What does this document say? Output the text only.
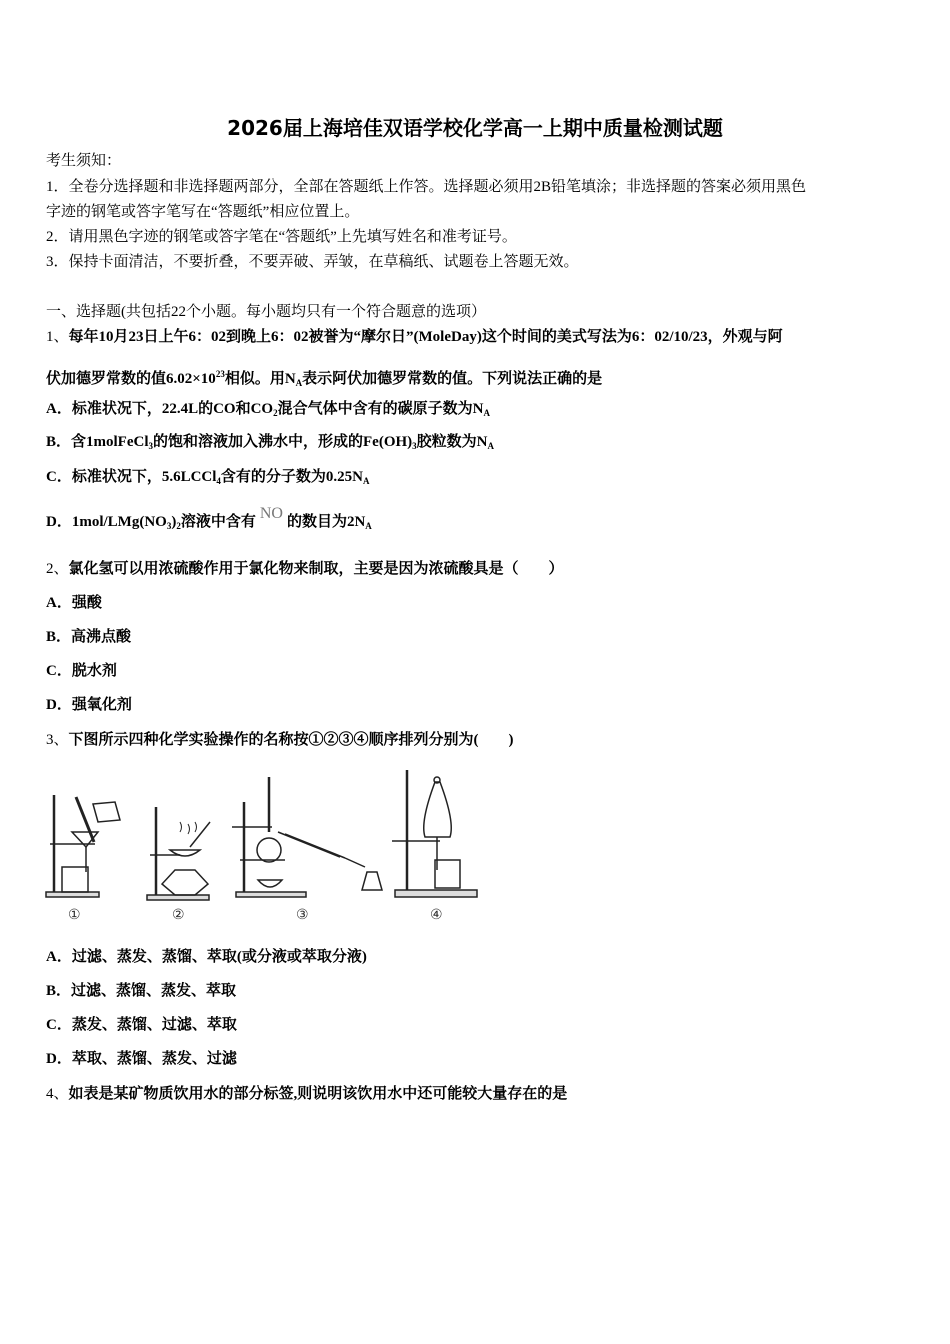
2026届上海培佳双语学校化学高一上期中质量检测试题
考生须知：
1．全卷分选择题和非选择题两部分，全部在答题纸上作答。选择题必须用2B铅笔填涂；非选择题的答案必须用黑色
字迹的钢笔或答字笔写在“答题纸”相应位置上。
2．请用黑色字迹的钢笔或答字笔在“答题纸”上先填写姓名和准考证号。
3．保持卡面清洁，不要折叠，不要弄破、弄皱，在草稿纸、试题卷上答题无效。
一、选择题(共包括22个小题。每小题均只有一个符合题意的选项）
1、每年10月23日上午6：02到晚上6：02被誉为“摩尔日”(MoleDay)这个时间的美式写法为6：02/10/23，外观与阿
伏加德罗常数的值$6.02\times 10^{23}$相似。用$N_A$表示阿伏加德罗常数的值。下列说法正确的是
A．标准状况下，22.4L的CO和$CO_2$混合气体中含有的碳原子数为$N_A$
B．含1molFeCl$_3$的饱和溶液加入沸水中，形成的$Fe(OH)_3$胶粒数为$N_A$
C．标准状况下，5.6LCCl$_4$含有的分子数为$0.25N_A$
D．$1mol/LMg(NO_3)_2$溶液中含有 NO 的数目为$2N_A$
2、氯化氢可以用浓硫酸作用于氯化物来制取，主要是因为浓硫酸具是（　　）
A．强酸
B．高沸点酸
C．脱水剂
D．强氧化剂
3、下图所示四种化学实验操作的名称按①②③④顺序排列分别为(　　)
①	②	③	④
A．过滤、蒸发、蒸馏、萃取(或分液或萃取分液)
B．过滤、蒸馏、蒸发、萃取
C．蒸发、蒸馏、过滤、萃取
D．萃取、蒸馏、蒸发、过滤
4、如表是某矿物质饮用水的部分标签,则说明该饮用水中还可能较大量存在的是
